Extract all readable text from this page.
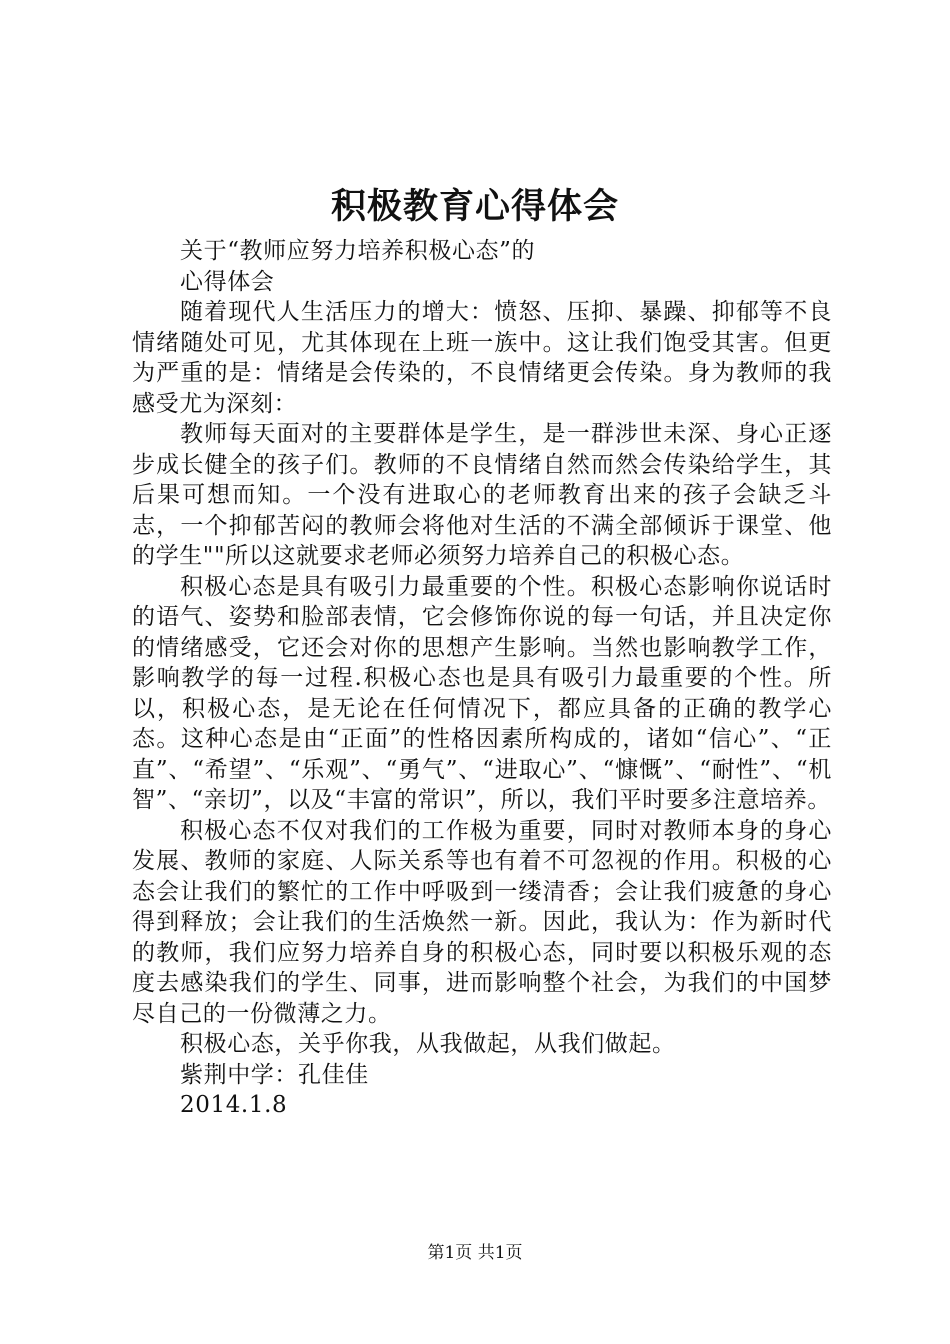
积极教育心得体会

关于“教师应努力培养积极心态”的

心得体会

随着现代人生活压力的增大：愤怒、压抑、暴躁、抑郁等不良情绪随处可见，尤其体现在上班一族中。这让我们饱受其害。但更为严重的是：情绪是会传染的，不良情绪更会传染。身为教师的我感受尤为深刻：

教师每天面对的主要群体是学生，是一群涉世未深、身心正逐步成长健全的孩子们。教师的不良情绪自然而然会传染给学生，其后果可想而知。一个没有进取心的老师教育出来的孩子会缺乏斗志，一个抑郁苦闷的教师会将他对生活的不满全部倾诉于课堂、他的学生""所以这就要求老师必须努力培养自己的积极心态。

积极心态是具有吸引力最重要的个性。积极心态影响你说话时的语气、姿势和脸部表情，它会修饰你说的每一句话，并且决定你的情绪感受，它还会对你的思想产生影响。当然也影响教学工作，影响教学的每一过程.积极心态也是具有吸引力最重要的个性。所以，积极心态，是无论在任何情况下，都应具备的正确的教学心态。这种心态是由“正面”的性格因素所构成的，诸如“信心”、“正直”、“希望”、“乐观”、“勇气”、“进取心”、“慷慨”、“耐性”、“机智”、“亲切”，以及“丰富的常识”，所以，我们平时要多注意培养。

积极心态不仅对我们的工作极为重要，同时对教师本身的身心发展、教师的家庭、人际关系等也有着不可忽视的作用。积极的心态会让我们的繁忙的工作中呼吸到一缕清香；会让我们疲惫的身心得到释放；会让我们的生活焕然一新。因此，我认为：作为新时代的教师，我们应努力培养自身的积极心态，同时要以积极乐观的态度去感染我们的学生、同事，进而影响整个社会，为我们的中国梦尽自己的一份微薄之力。

积极心态，关乎你我，从我做起，从我们做起。

紫荆中学：孔佳佳

2014.1.8

第1页 共1页
